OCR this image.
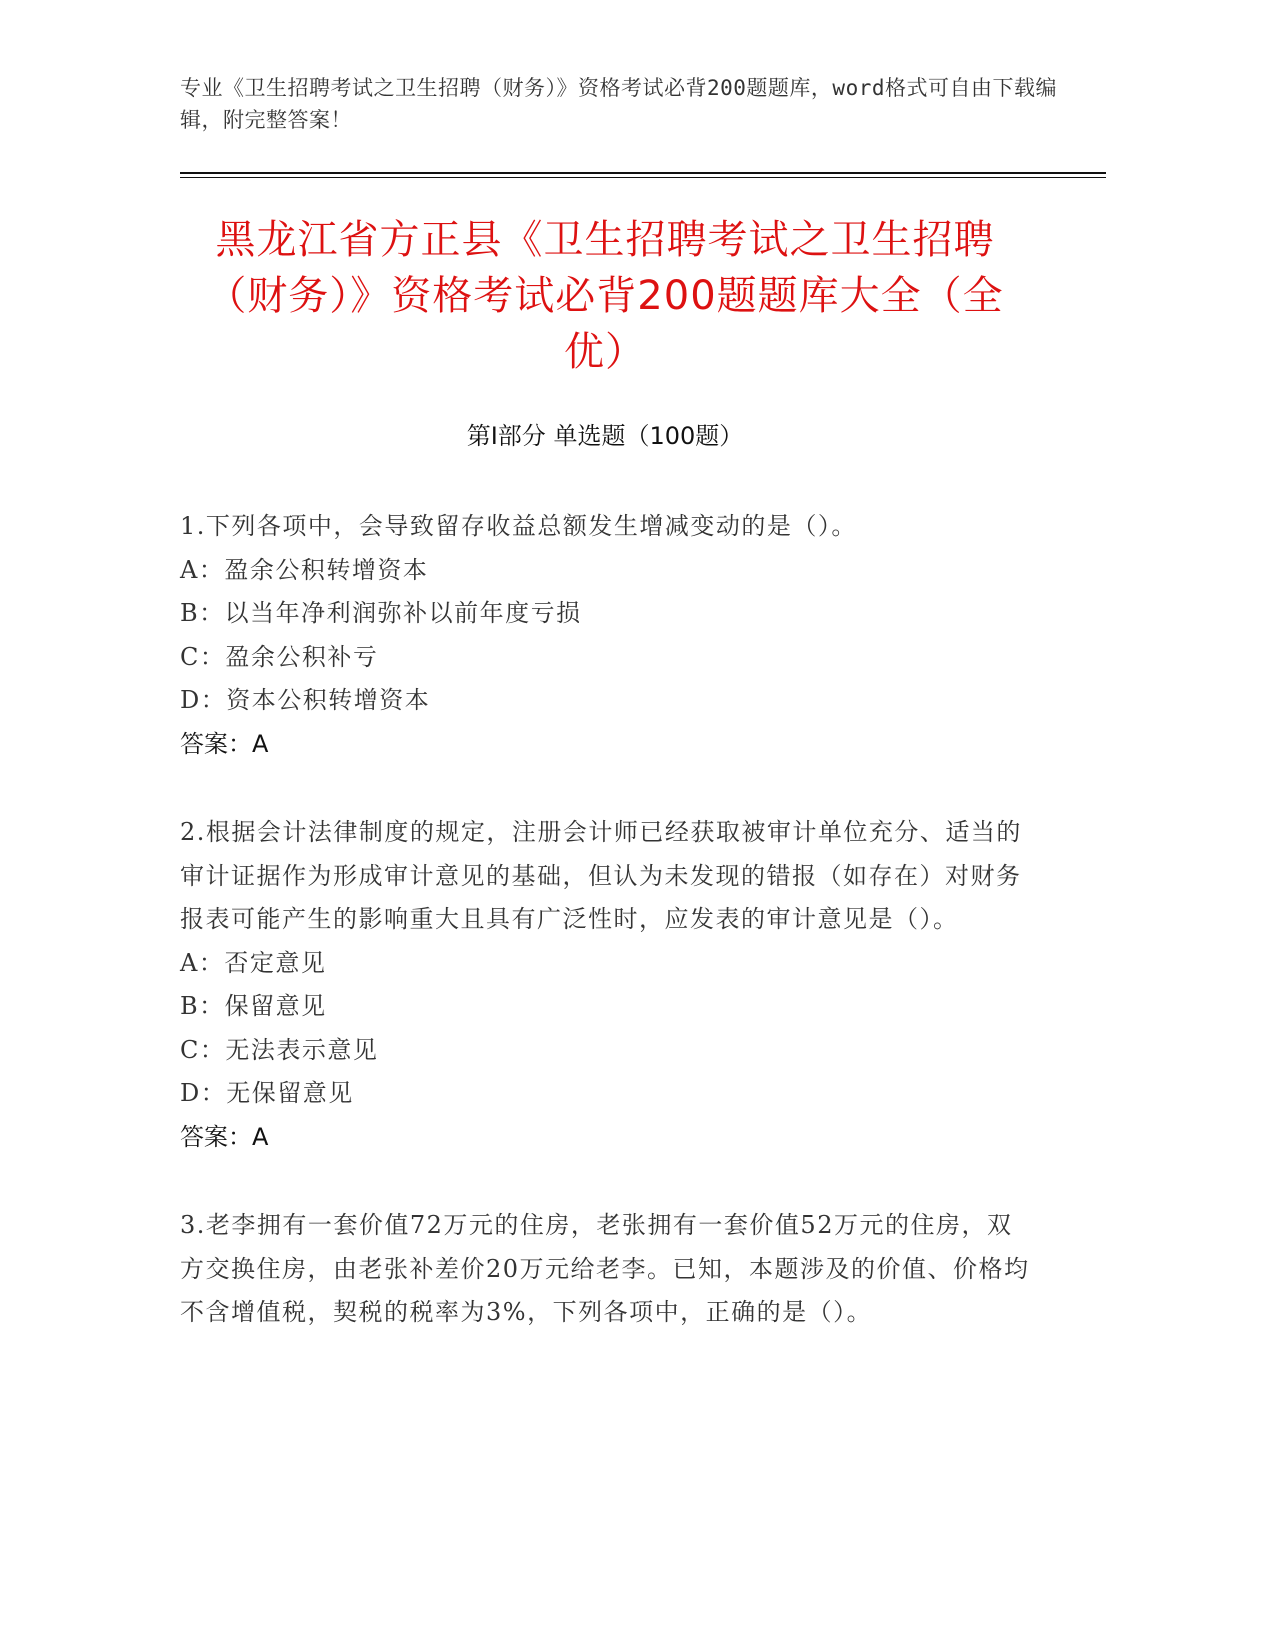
专业《卫生招聘考试之卫生招聘（财务）》资格考试必背200题题库，word格式可自由下载编辑，附完整答案！
黑龙江省方正县《卫生招聘考试之卫生招聘（财务）》资格考试必背200题题库大全（全优）
第I部分 单选题（100题）
1.下列各项中，会导致留存收益总额发生增减变动的是（）。
A：盈余公积转增资本
B：以当年净利润弥补以前年度亏损
C：盈余公积补亏
D：资本公积转增资本
答案：A
2.根据会计法律制度的规定，注册会计师已经获取被审计单位充分、适当的审计证据作为形成审计意见的基础，但认为未发现的错报（如存在）对财务报表可能产生的影响重大且具有广泛性时，应发表的审计意见是（）。
A：否定意见
B：保留意见
C：无法表示意见
D：无保留意见
答案：A
3.老李拥有一套价值72万元的住房，老张拥有一套价值52万元的住房，双方交换住房，由老张补差价20万元给老李。已知，本题涉及的价值、价格均不含增值税，契税的税率为3%，下列各项中，正确的是（）。
